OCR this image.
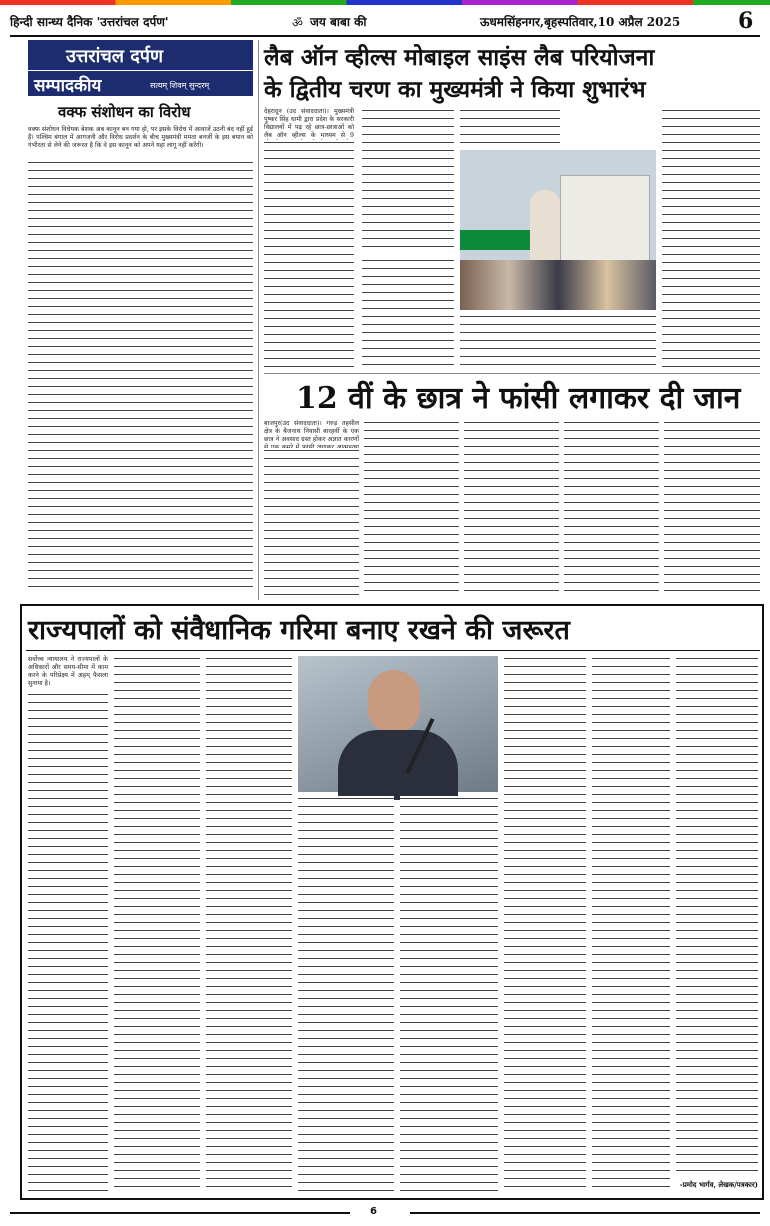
हिन्दी सान्ध्य दैनिक 'उत्तरांचल दर्पण'	ॐ जय बाबा की	ऊधमसिंहनगर,बृहस्पतिवार,10 अप्रैल 2025	6
उत्तरांचल दर्पण
सम्पादकीय	सत्यम् शिवम् सुन्दरम्
वक्फ संशोधन का विरोध
वक्फ संशोधन विधेयक बेशक अब कानून बन गया हो, पर इसके विरोध में आवाजें उठनी बंद नहीं हुई हैं। पश्चिम बंगाल में आगजनी और विरोध प्रदर्शन के बीच मुख्यमंत्री ममता बनर्जी के इस बयान को गंभीरता से लेने की जरूरत है कि वे इस कानून को अपने यहां लागू नहीं करेंगी।
लैब ऑन व्हील्स मोबाइल साइंस लैब परियोजना
के द्वितीय चरण का मुख्यमंत्री ने किया शुभारंभ
देहरादून (उद संवाददाता)। मुख्यमंत्री पुष्कर सिंह धामी द्वारा प्रदेश के सरकारी विद्यालयों में पढ़ रहे छात्र-छात्राओं को लैब ऑन व्हील्स के माध्यम से 9
12 वीं के छात्र ने फांसी लगाकर दी जान
बाजपुर(उद संवाददाता)। गरुड़ तहसील क्षेत्र के बैजनाथ निवासी बारहवीं के एक छात्र ने अवसाद ग्रस्त होकर अज्ञात कारणों
राज्यपालों को संवैधानिक गरिमा बनाए रखने की जरूरत
सर्वोच्च न्यायालय ने राज्यपालों के अधिकारों और समय-सीमा में काम करने के परिप्रेक्ष्य में अहम् फैसला सुनाया है।
-प्रमोद भार्गव, लेखक/पत्रकार)
6
